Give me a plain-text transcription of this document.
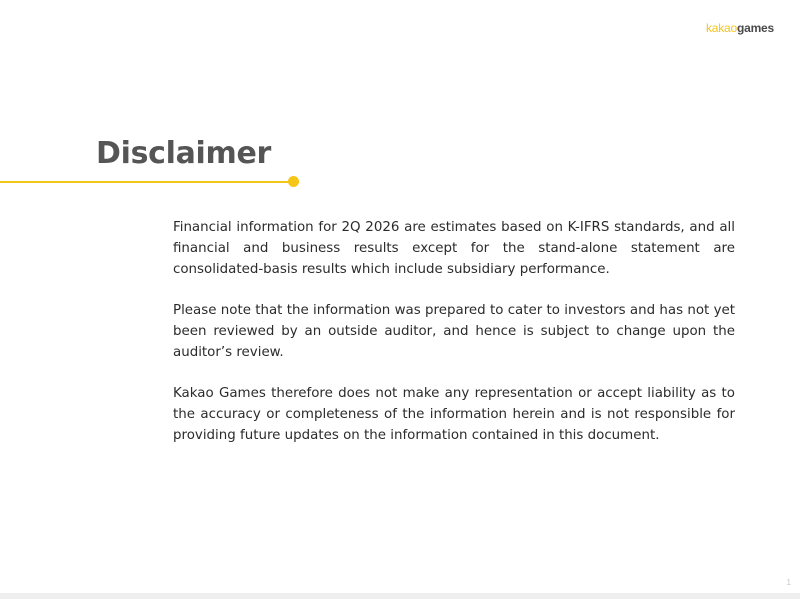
kakaogames
Disclaimer

Financial information for 2Q 2026 are estimates based on K-IFRS standards, and all financial and business results except for the stand-alone statement are consolidated-basis results which include subsidiary performance.

Please note that the information was prepared to cater to investors and has not yet been reviewed by an outside auditor, and hence is subject to change upon the auditor’s review.

Kakao Games therefore does not make any representation or accept liability as to the accuracy or completeness of the information herein and is not responsible for providing future updates on the information contained in this document.

1
